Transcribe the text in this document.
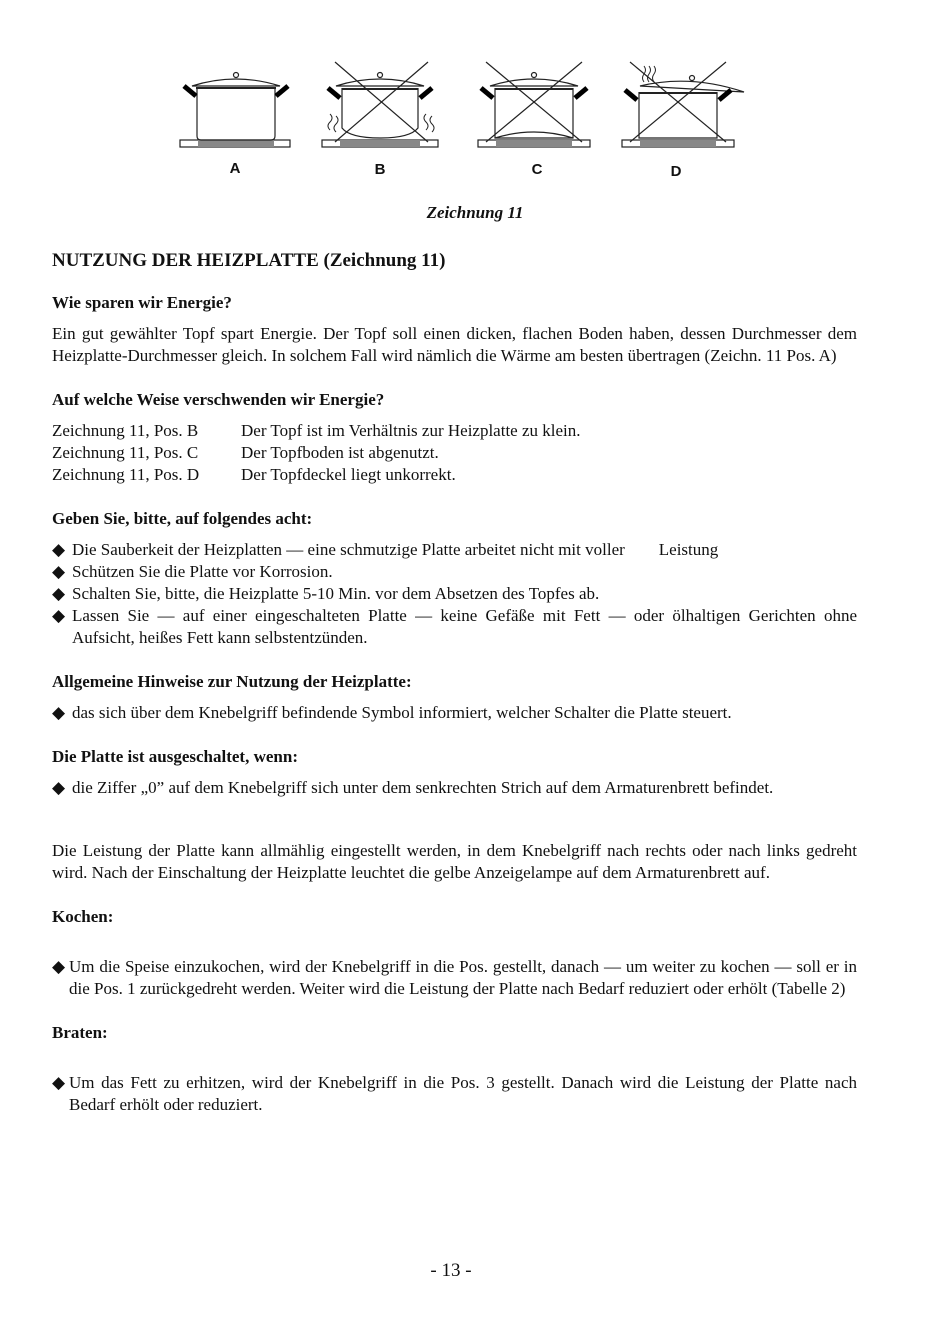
A	B	C	D
Zeichnung 11
NUTZUNG DER HEIZPLATTE (Zeichnung 11)
Wie sparen wir Energie?

Ein gut gewählter Topf spart Energie. Der Topf soll einen dicken, flachen Boden haben, dessen Durchmesser dem Heizplatte-Durchmesser gleich. In solchem Fall wird nämlich die Wärme am besten übertragen (Zeichn. 11 Pos. A)

Auf welche Weise verschwenden wir Energie?
Zeichnung 11, Pos. B	Der Topf ist im Verhältnis zur Heizplatte zu klein.
Zeichnung 11, Pos. C	Der Topfboden ist abgenutzt.
Zeichnung 11, Pos. D	Der Topfdeckel liegt unkorrekt.
Geben Sie, bitte, auf folgendes acht:
◆ Die Sauberkeit der Heizplatten — eine schmutzige Platte arbeitet nicht mit voller        Leistung
◆ Schützen Sie die Platte vor Korrosion.
◆ Schalten Sie, bitte, die Heizplatte 5-10 Min. vor dem Absetzen des Topfes ab.
◆ Lassen Sie — auf einer eingeschalteten Platte — keine Gefäße mit Fett — oder ölhaltigen Gerichten ohne Aufsicht, heißes Fett kann selbstentzünden.
Allgemeine Hinweise zur Nutzung der Heizplatte:
◆ das sich über dem Knebelgriff befindende Symbol informiert, welcher Schalter die Platte steuert.
Die Platte ist ausgeschaltet, wenn:
◆ die Ziffer „0” auf dem Knebelgriff sich unter dem senkrechten Strich auf dem Armaturenbrett befindet.

Die Leistung der Platte kann allmählig eingestellt werden, in dem Knebelgriff nach rechts oder nach links gedreht wird. Nach der Einschaltung der Heizplatte leuchtet die gelbe Anzeigelampe auf dem Armaturenbrett auf.

Kochen:
◆ Um die Speise einzukochen, wird der Knebelgriff in die Pos. gestellt, danach — um weiter zu kochen — soll er in die Pos. 1 zurückgedreht werden. Weiter wird die Leistung der Platte nach Bedarf reduziert oder erhölt (Tabelle 2)
Braten:
◆ Um das Fett zu erhitzen, wird der Knebelgriff in die Pos. 3 gestellt. Danach wird die Leistung der Platte nach Bedarf erhölt oder reduziert.
- 13 -
